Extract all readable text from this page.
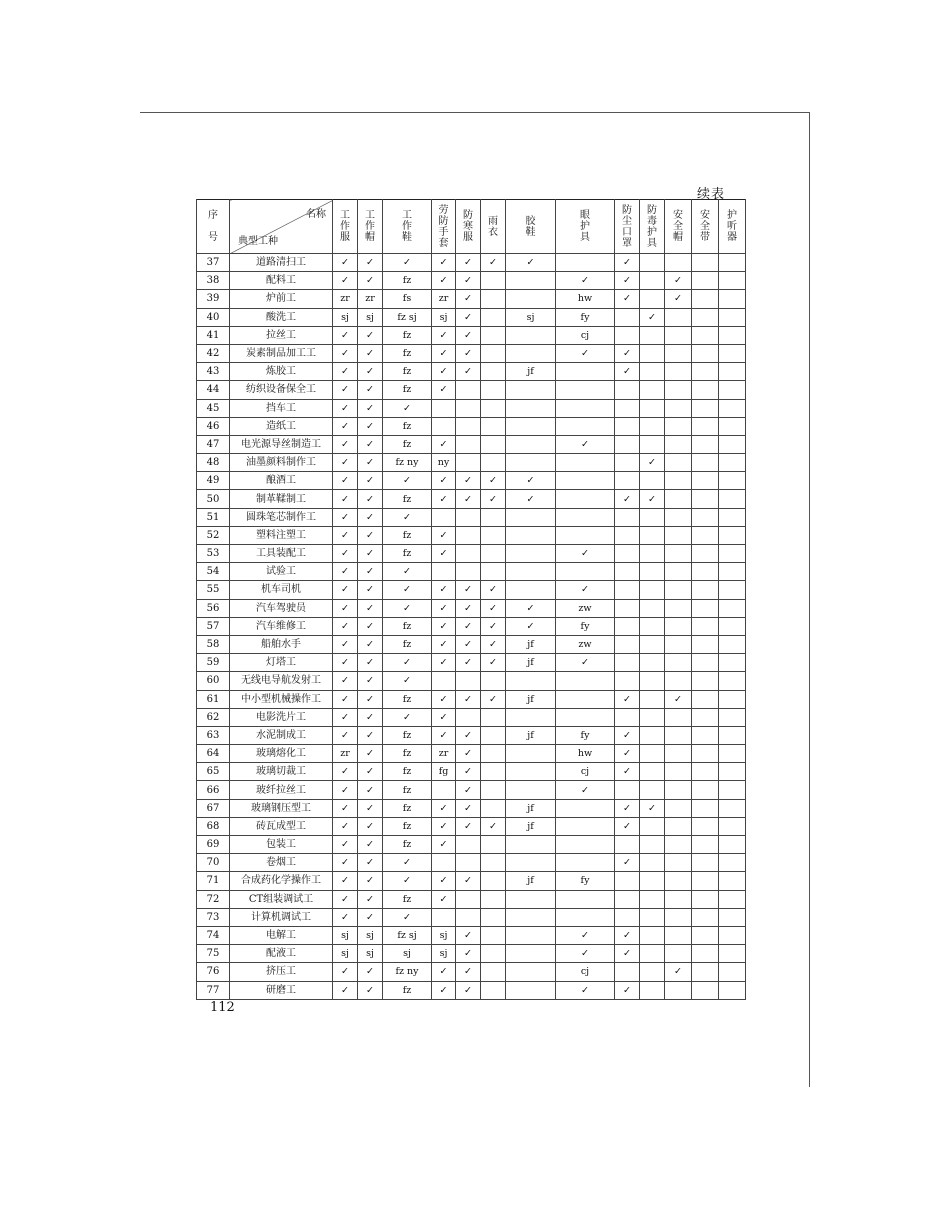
续表
序号	名称
典型工种	工作服	工作帽	工作鞋	劳防手套	防寒服	雨衣	胶鞋	眼护具	防尘口罩	防毒护具	安全帽	安全带	护听器
37	道路清扫工	✓	✓	✓	✓	✓	✓	✓		✓				
38	配料工	✓	✓	fz	✓	✓			✓	✓		✓		
39	炉前工	zr	zr	fs	zr	✓			hw	✓		✓		
40	酸洗工	sj	sj	fz sj	sj	✓		sj	fy		✓			
41	拉丝工	✓	✓	fz	✓	✓			cj					
42	炭素制品加工工	✓	✓	fz	✓	✓			✓	✓				
43	炼胶工	✓	✓	fz	✓	✓		jf		✓				
44	纺织设备保全工	✓	✓	fz	✓									
45	挡车工	✓	✓	✓										
46	造纸工	✓	✓	fz										
47	电光源导丝制造工	✓	✓	fz	✓				✓					
48	油墨颜料制作工	✓	✓	fz ny	ny						✓			
49	酿酒工	✓	✓	✓	✓	✓	✓	✓						
50	制革鞣制工	✓	✓	fz	✓	✓	✓	✓		✓	✓			
51	圆珠笔芯制作工	✓	✓	✓										
52	塑料注塑工	✓	✓	fz	✓									
53	工具装配工	✓	✓	fz	✓				✓					
54	试验工	✓	✓	✓										
55	机车司机	✓	✓	✓	✓	✓	✓		✓					
56	汽车驾驶员	✓	✓	✓	✓	✓	✓	✓	zw					
57	汽车维修工	✓	✓	fz	✓	✓	✓	✓	fy					
58	船舶水手	✓	✓	fz	✓	✓	✓	jf	zw					
59	灯塔工	✓	✓	✓	✓	✓	✓	jf	✓					
60	无线电导航发射工	✓	✓	✓										
61	中小型机械操作工	✓	✓	fz	✓	✓	✓	jf		✓		✓		
62	电影洗片工	✓	✓	✓	✓									
63	水泥制成工	✓	✓	fz	✓	✓		jf	fy	✓				
64	玻璃熔化工	zr	✓	fz	zr	✓			hw	✓				
65	玻璃切裁工	✓	✓	fz	fg	✓			cj	✓				
66	玻纤拉丝工	✓	✓	fz		✓			✓					
67	玻璃钢压型工	✓	✓	fz	✓	✓		jf		✓	✓			
68	砖瓦成型工	✓	✓	fz	✓	✓	✓	jf		✓				
69	包装工	✓	✓	fz	✓									
70	卷烟工	✓	✓	✓						✓				
71	合成药化学操作工	✓	✓	✓	✓	✓		jf	fy					
72	CT组装调试工	✓	✓	fz	✓									
73	计算机调试工	✓	✓	✓										
74	电解工	sj	sj	fz sj	sj	✓			✓	✓				
75	配液工	sj	sj	sj	sj	✓			✓	✓				
76	挤压工	✓	✓	fz ny	✓	✓			cj			✓		
77	研磨工	✓	✓	fz	✓	✓			✓	✓				
112
